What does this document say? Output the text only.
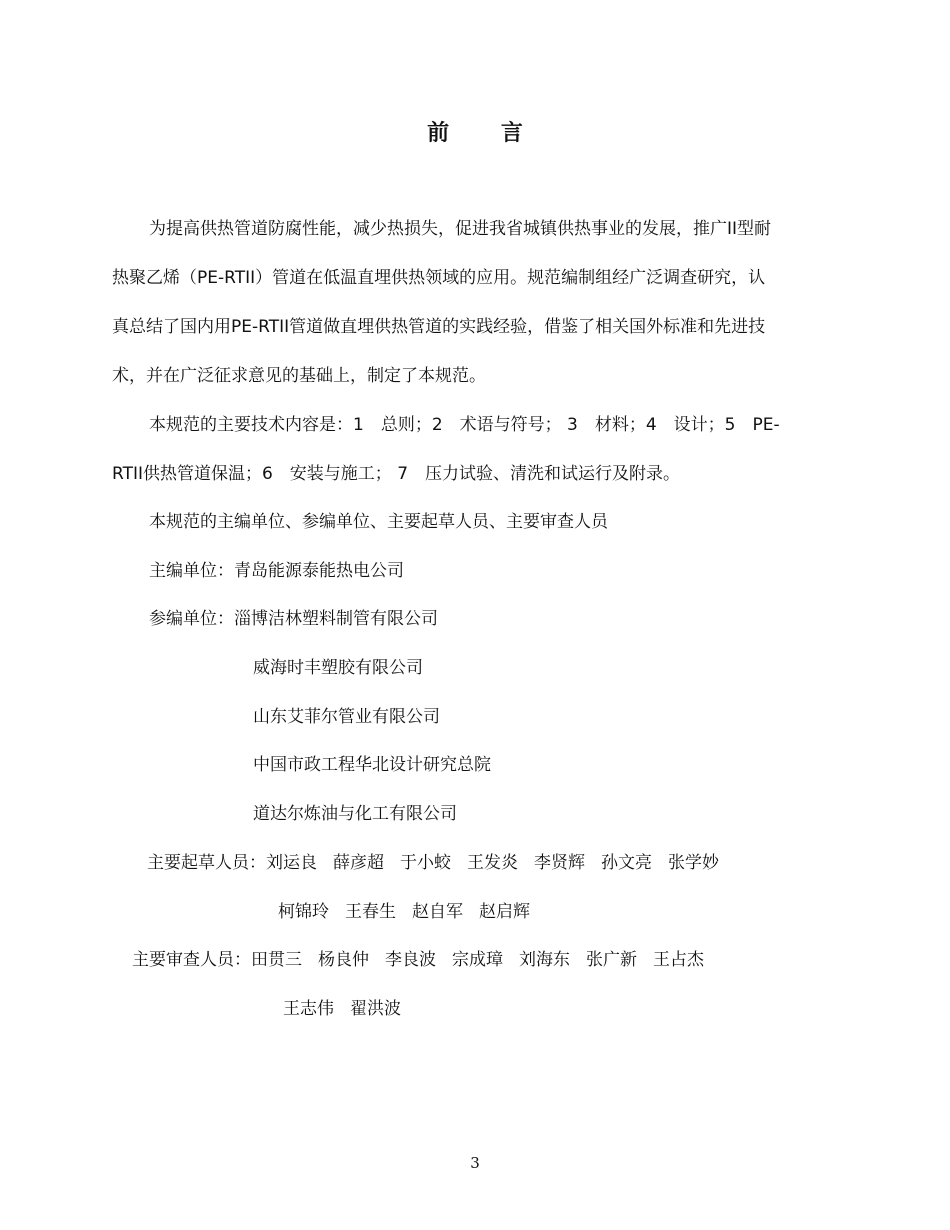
前 言
为提高供热管道防腐性能，减少热损失，促进我省城镇供热事业的发展，推广II型耐
热聚乙烯（PE-RTII）管道在低温直埋供热领域的应用。规范编制组经广泛调查研究，认
真总结了国内用PE-RTII管道做直埋供热管道的实践经验，借鉴了相关国外标准和先进技
术，并在广泛征求意见的基础上，制定了本规范。
本规范的主要技术内容是：1　总则；2　术语与符号； 3　材料；4　设计；5　PE-
RTII供热管道保温；6　安装与施工； 7　压力试验、清洗和试运行及附录。
本规范的主编单位、参编单位、主要起草人员、主要审查人员
主编单位：青岛能源泰能热电公司
参编单位：淄博洁林塑料制管有限公司
威海时丰塑胶有限公司
山东艾菲尔管业有限公司
中国市政工程华北设计研究总院
道达尔炼油与化工有限公司
主要起草人员：刘运良 薛彦超 于小蛟 王发炎 李贤辉 孙文亮 张学妙
柯锦玲 王春生 赵自军 赵启辉
主要审查人员：田贯三 杨良仲 李良波 宗成璋 刘海东 张广新 王占杰
王志伟 翟洪波
3
